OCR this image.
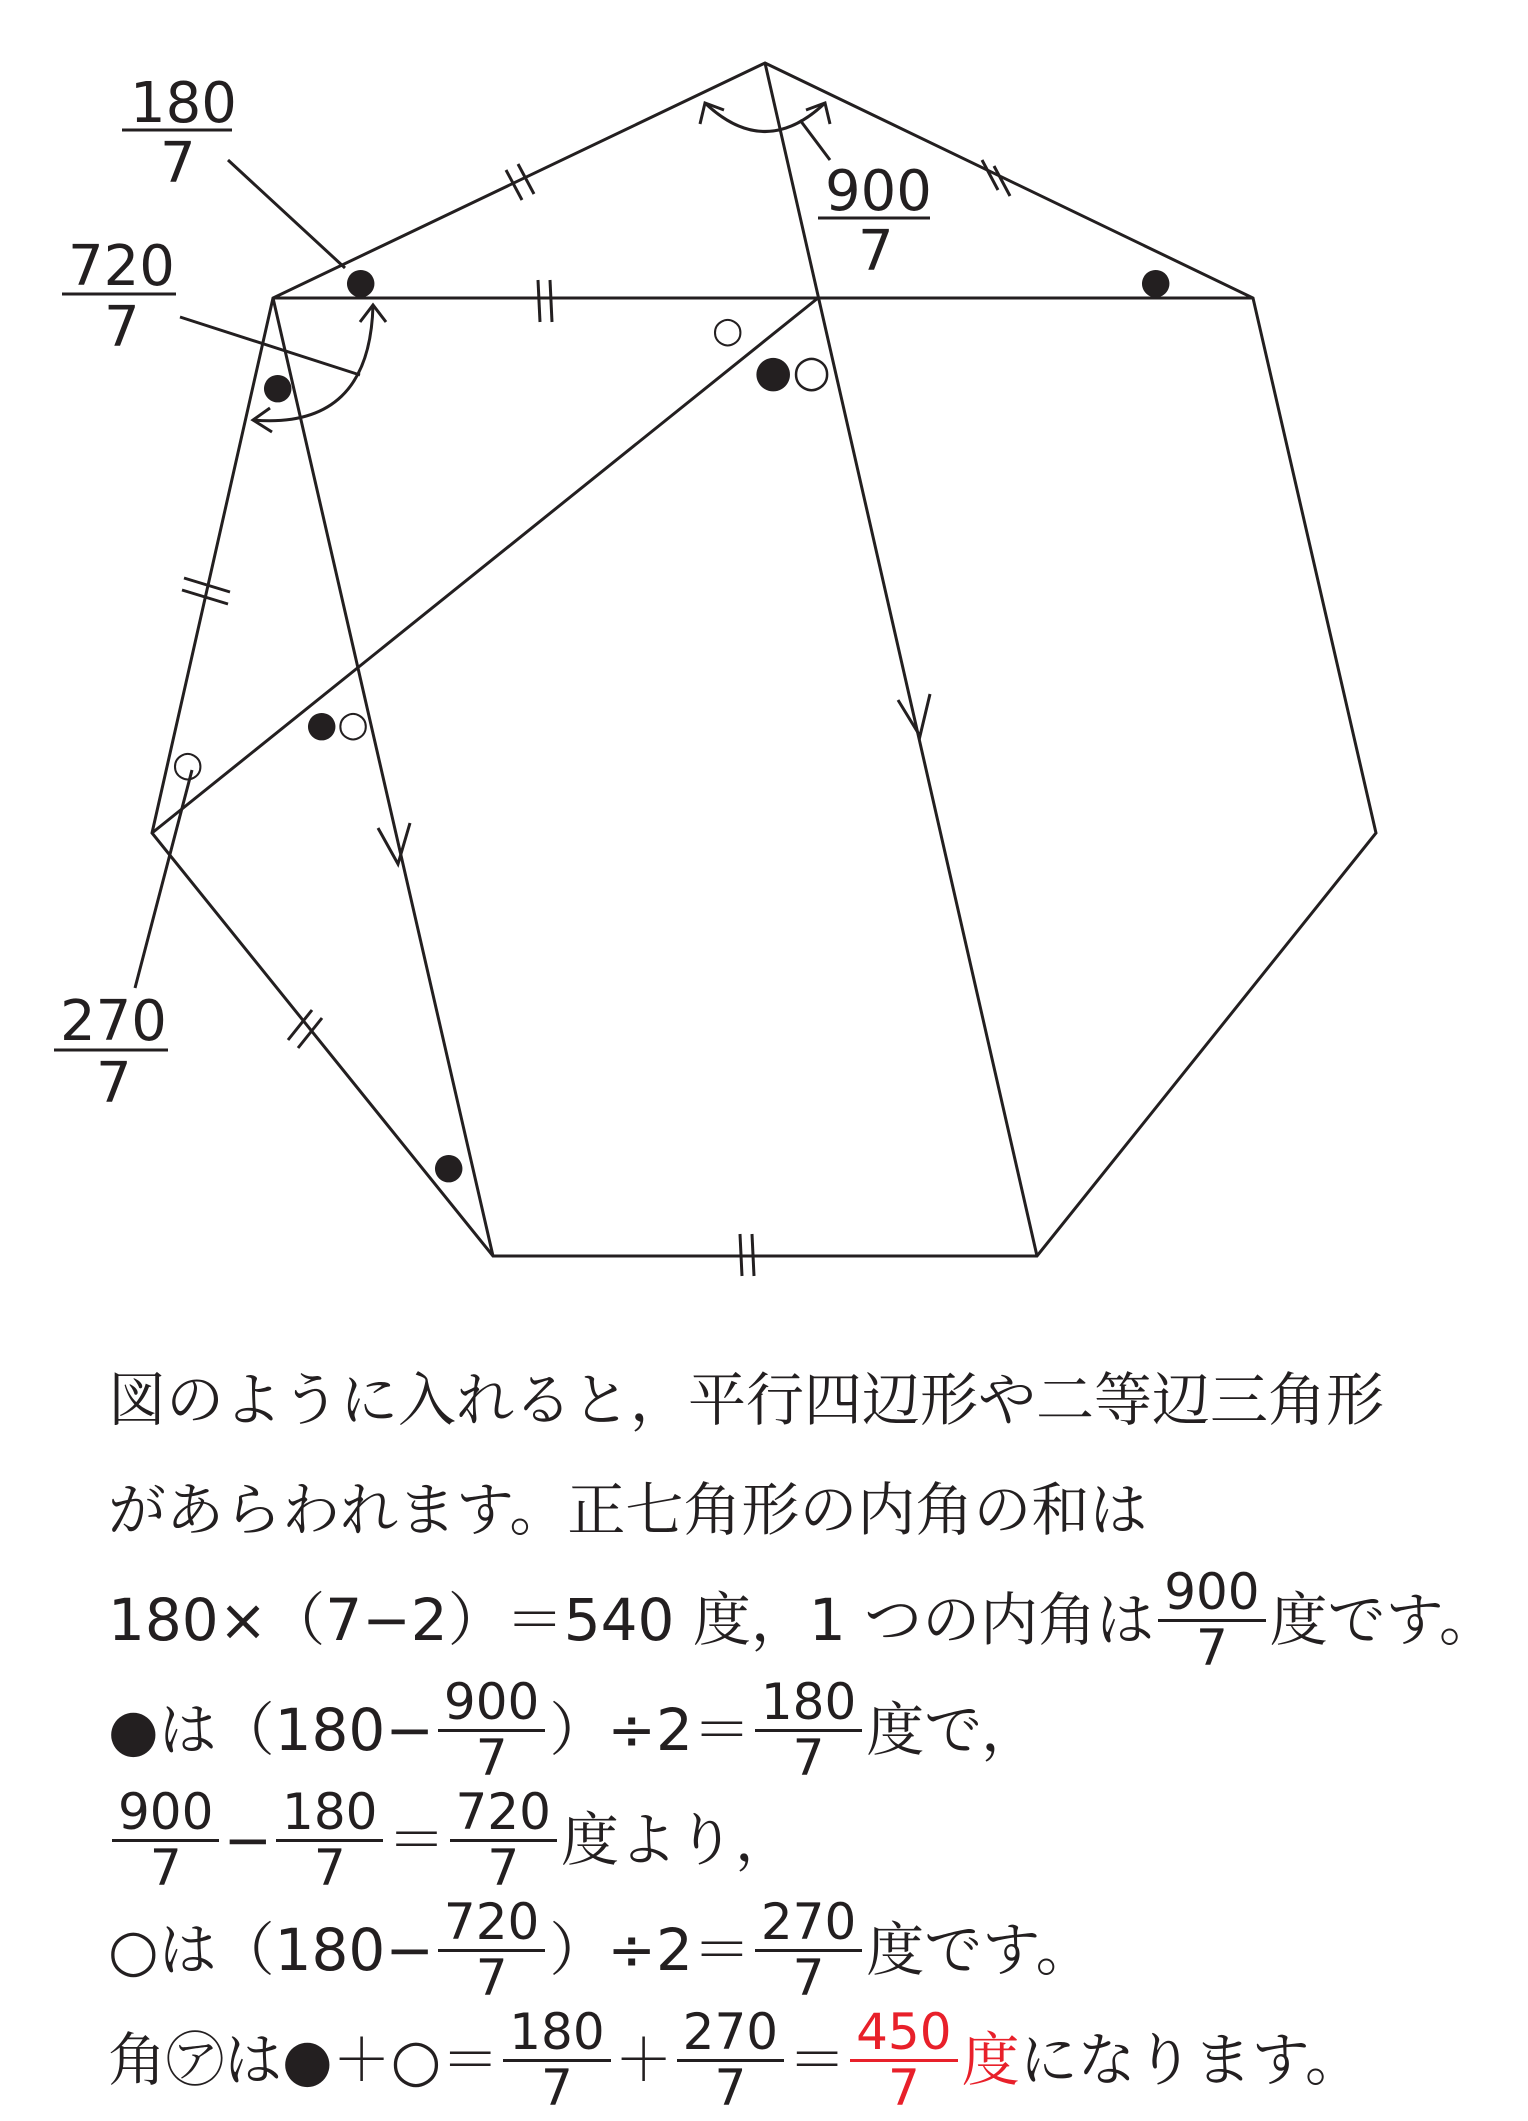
●	●
●
●
○
●○
●○
○
180
7	900
7
720
7
270
7
図のように入れると，平行四辺形や二等辺三角形
があらわれます。正七角形の内角の和は
180×（7−2）＝540 度，1 つの内角は $\frac{900}{7}$ 度です。
●は$(180- \frac{900}{7} )\div 2= \frac{180}{7}$ 度で，
$\frac{900}{7} - \frac{180}{7} = \frac{720}{7}$ 度より，
○は$(180- \frac{720}{7} )\div 2= \frac{270}{7}$ 度です。
角㋐は●＋○＝ $\frac{180}{7} + \frac{270}{7} = \frac{450}{7}$ 度 になります。
